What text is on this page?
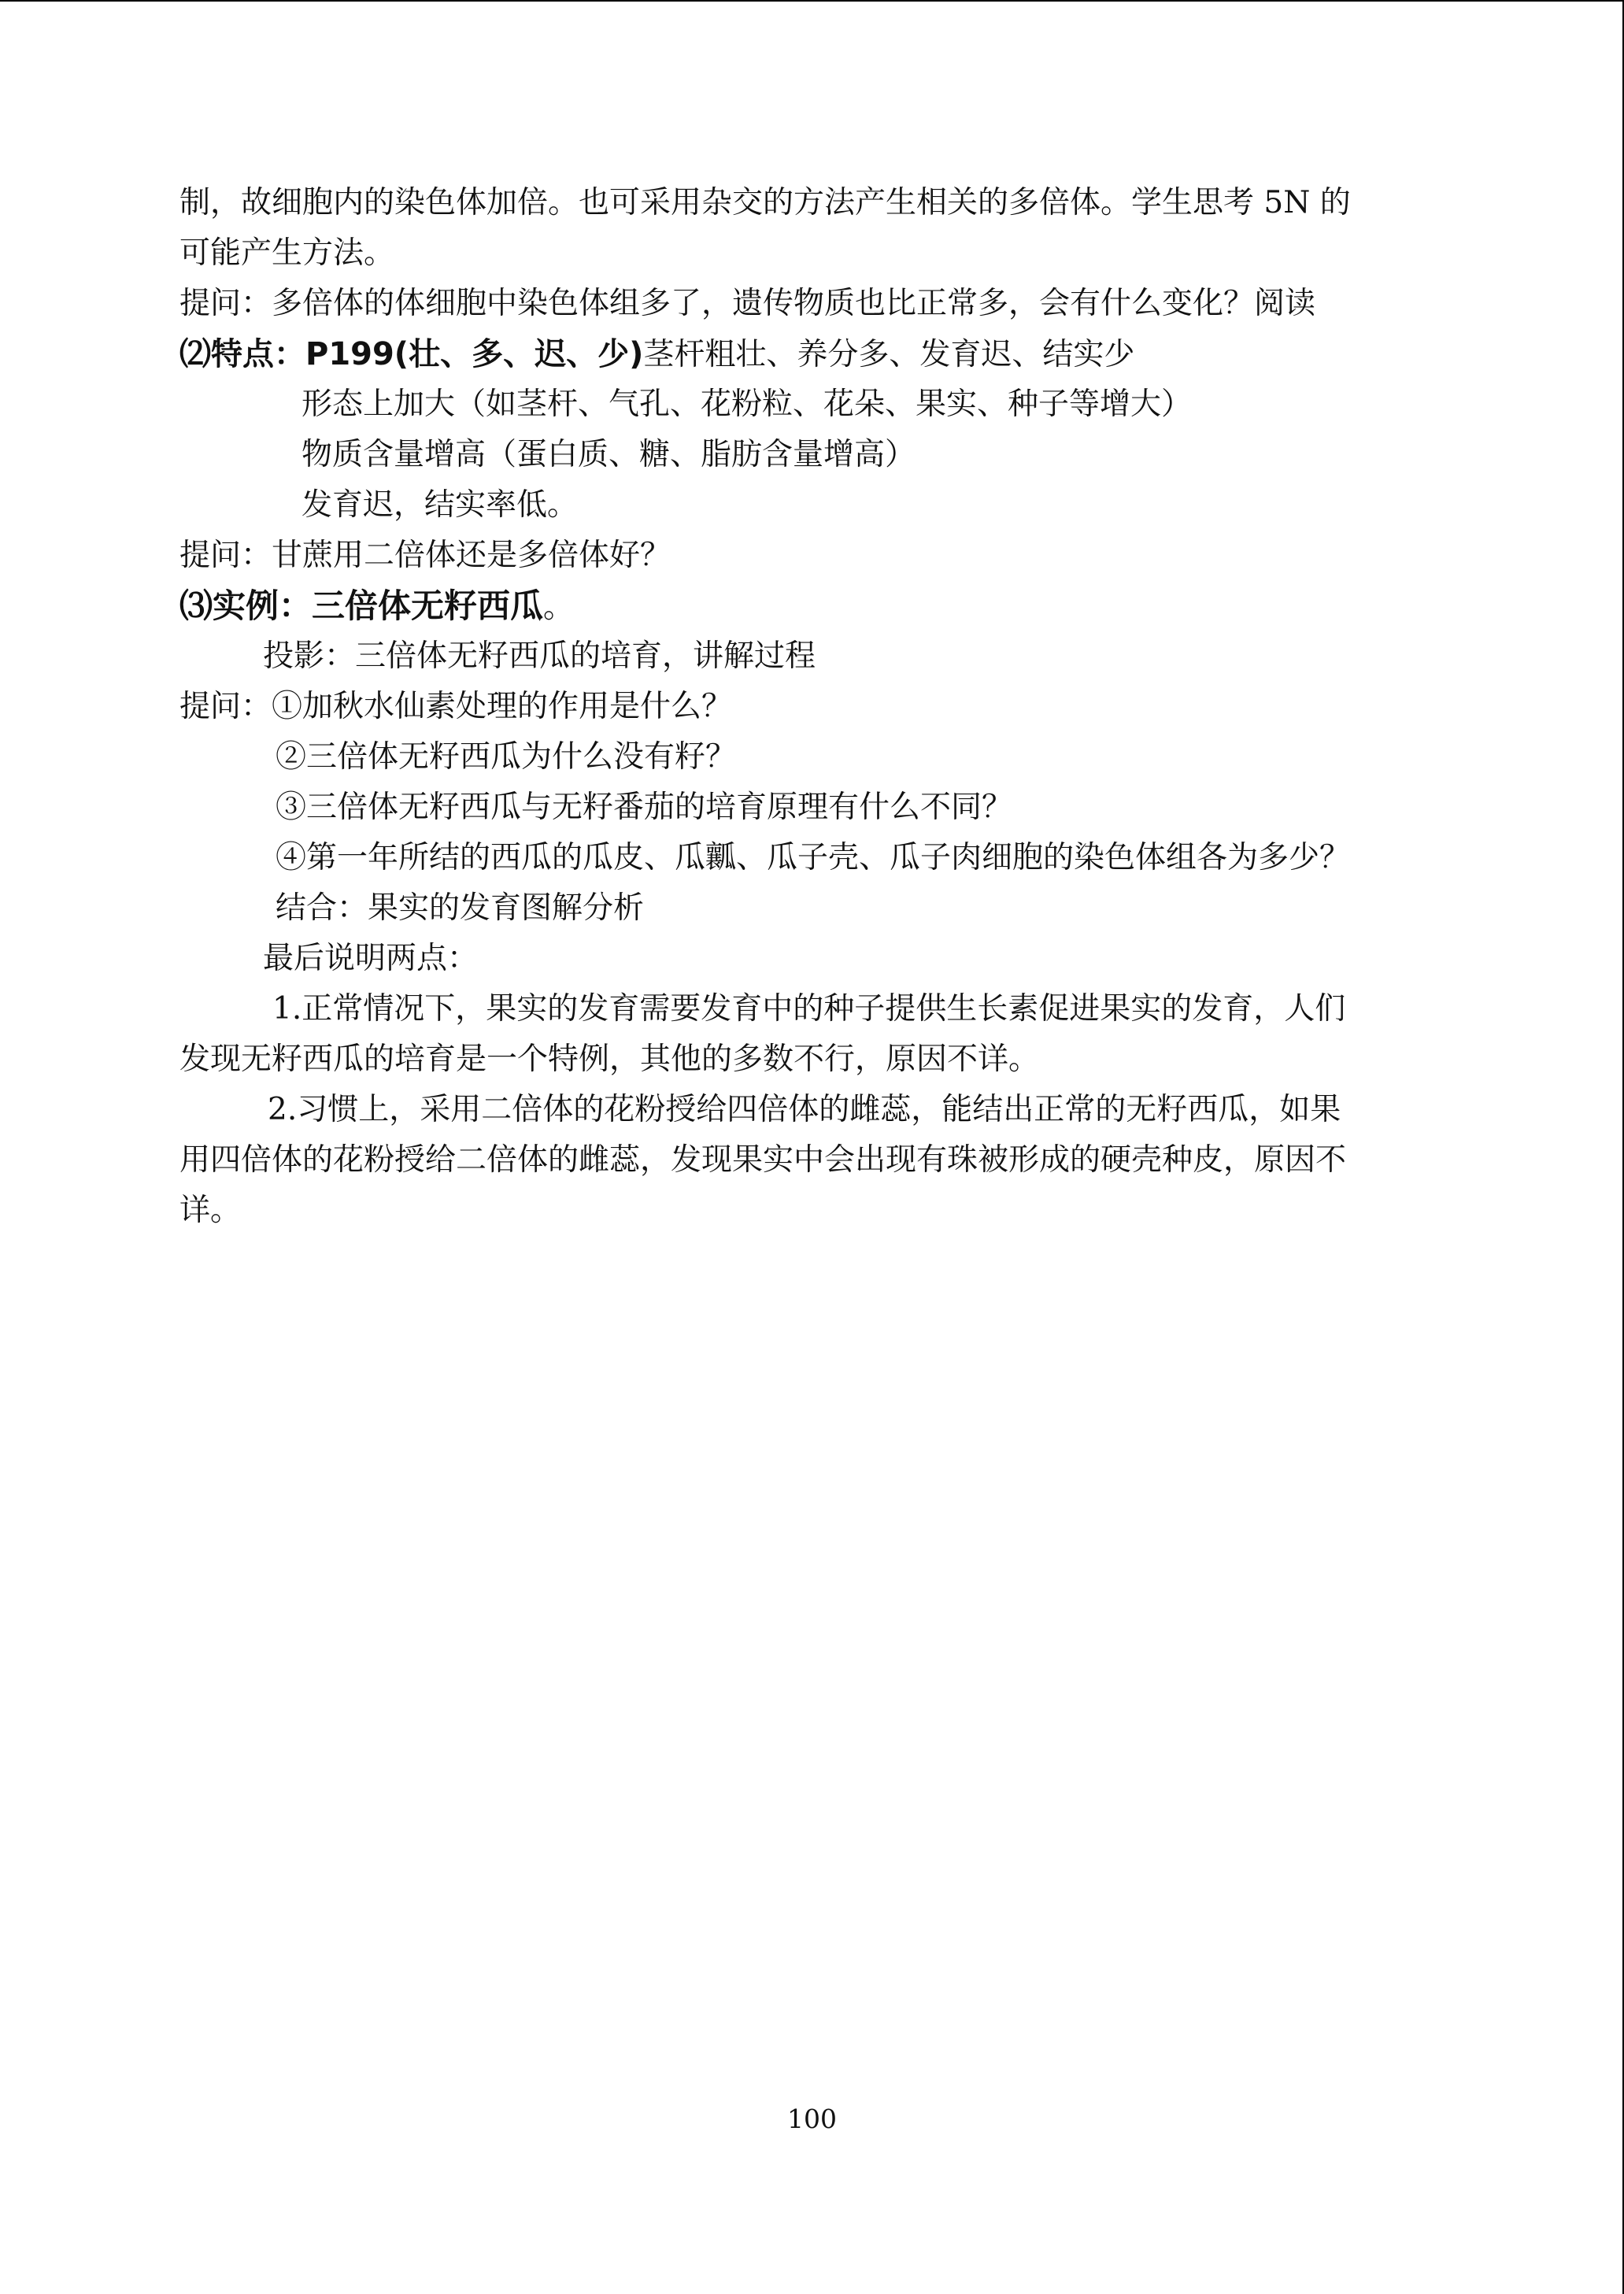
制，故细胞内的染色体加倍。也可采用杂交的方法产生相关的多倍体。学生思考 5N 的
可能产生方法。
提问：多倍体的体细胞中染色体组多了，遗传物质也比正常多，会有什么变化？阅读
⑵特点：P199(壮、多、迟、少)茎杆粗壮、养分多、发育迟、结实少
形态上加大（如茎杆、气孔、花粉粒、花朵、果实、种子等增大）
物质含量增高（蛋白质、糖、脂肪含量增高）
发育迟，结实率低。
提问：甘蔗用二倍体还是多倍体好？
⑶实例：三倍体无籽西瓜。
投影：三倍体无籽西瓜的培育，讲解过程
提问：①加秋水仙素处理的作用是什么？
②三倍体无籽西瓜为什么没有籽？
③三倍体无籽西瓜与无籽番茄的培育原理有什么不同？
④第一年所结的西瓜的瓜皮、瓜瓤、瓜子壳、瓜子肉细胞的染色体组各为多少？
结合：果实的发育图解分析
最后说明两点：
1.正常情况下，果实的发育需要发育中的种子提供生长素促进果实的发育，人们
发现无籽西瓜的培育是一个特例，其他的多数不行，原因不详。
2.习惯上，采用二倍体的花粉授给四倍体的雌蕊，能结出正常的无籽西瓜，如果
用四倍体的花粉授给二倍体的雌蕊，发现果实中会出现有珠被形成的硬壳种皮，原因不
详。
100
